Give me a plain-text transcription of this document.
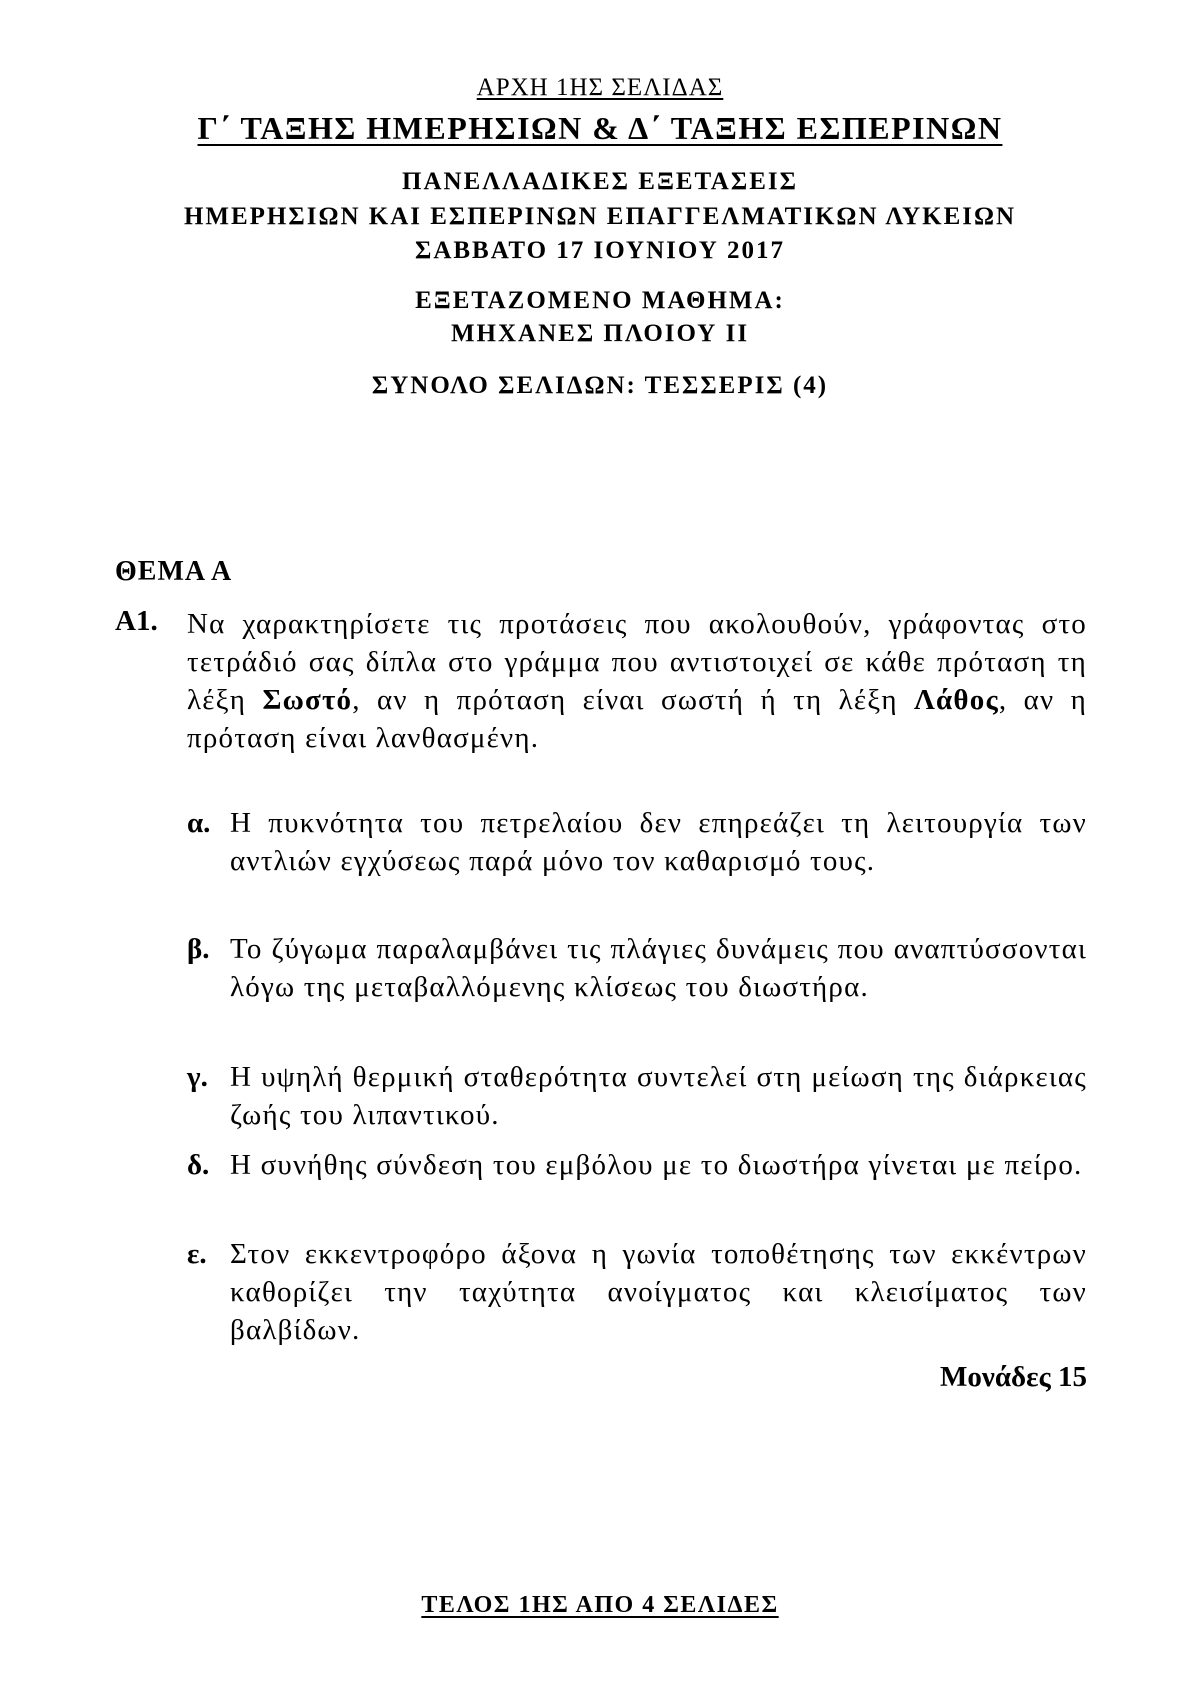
ΑΡΧΗ 1ΗΣ ΣΕΛΙΔΑΣ
Γ΄ ΤΑΞΗΣ ΗΜΕΡΗΣΙΩΝ & Δ΄ ΤΑΞΗΣ ΕΣΠΕΡΙΝΩΝ
ΠΑΝΕΛΛΑΔΙΚΕΣ ΕΞΕΤΑΣΕΙΣ
ΗΜΕΡΗΣΙΩΝ ΚΑΙ ΕΣΠΕΡΙΝΩΝ ΕΠΑΓΓΕΛΜΑΤΙΚΩΝ ΛΥΚΕΙΩΝ
ΣΑΒΒΑΤΟ 17 ΙΟΥΝΙΟΥ 2017
ΕΞΕΤΑΖΟΜΕΝΟ ΜΑΘΗΜΑ:
ΜΗΧΑΝΕΣ ΠΛΟΙΟΥ ΙΙ
ΣΥΝΟΛΟ ΣΕΛΙΔΩΝ: ΤΕΣΣΕΡΙΣ (4)
ΘΕΜΑ Α
Α1. Να χαρακτηρίσετε τις προτάσεις που ακολουθούν, γράφοντας στο τετράδιό σας δίπλα στο γράμμα που αντιστοιχεί σε κάθε πρόταση τη λέξη Σωστό, αν η πρόταση είναι σωστή ή τη λέξη Λάθος, αν η πρόταση είναι λανθασμένη.
α. Η πυκνότητα του πετρελαίου δεν επηρεάζει τη λειτουργία των αντλιών εγχύσεως παρά μόνο τον καθαρισμό τους.
β. Το ζύγωμα παραλαμβάνει τις πλάγιες δυνάμεις που αναπτύσσονται λόγω της μεταβαλλόμενης κλίσεως του διωστήρα.
γ. Η υψηλή θερμική σταθερότητα συντελεί στη μείωση της διάρκειας ζωής του λιπαντικού.
δ. Η συνήθης σύνδεση του εμβόλου με το διωστήρα γίνεται με πείρο.
ε. Στον εκκεντροφόρο άξονα η γωνία τοποθέτησης των εκκέντρων καθορίζει την ταχύτητα ανοίγματος και κλεισίματος των βαλβίδων.
Μονάδες 15
ΤΕΛΟΣ 1ΗΣ ΑΠΟ 4 ΣΕΛΙΔΕΣ
